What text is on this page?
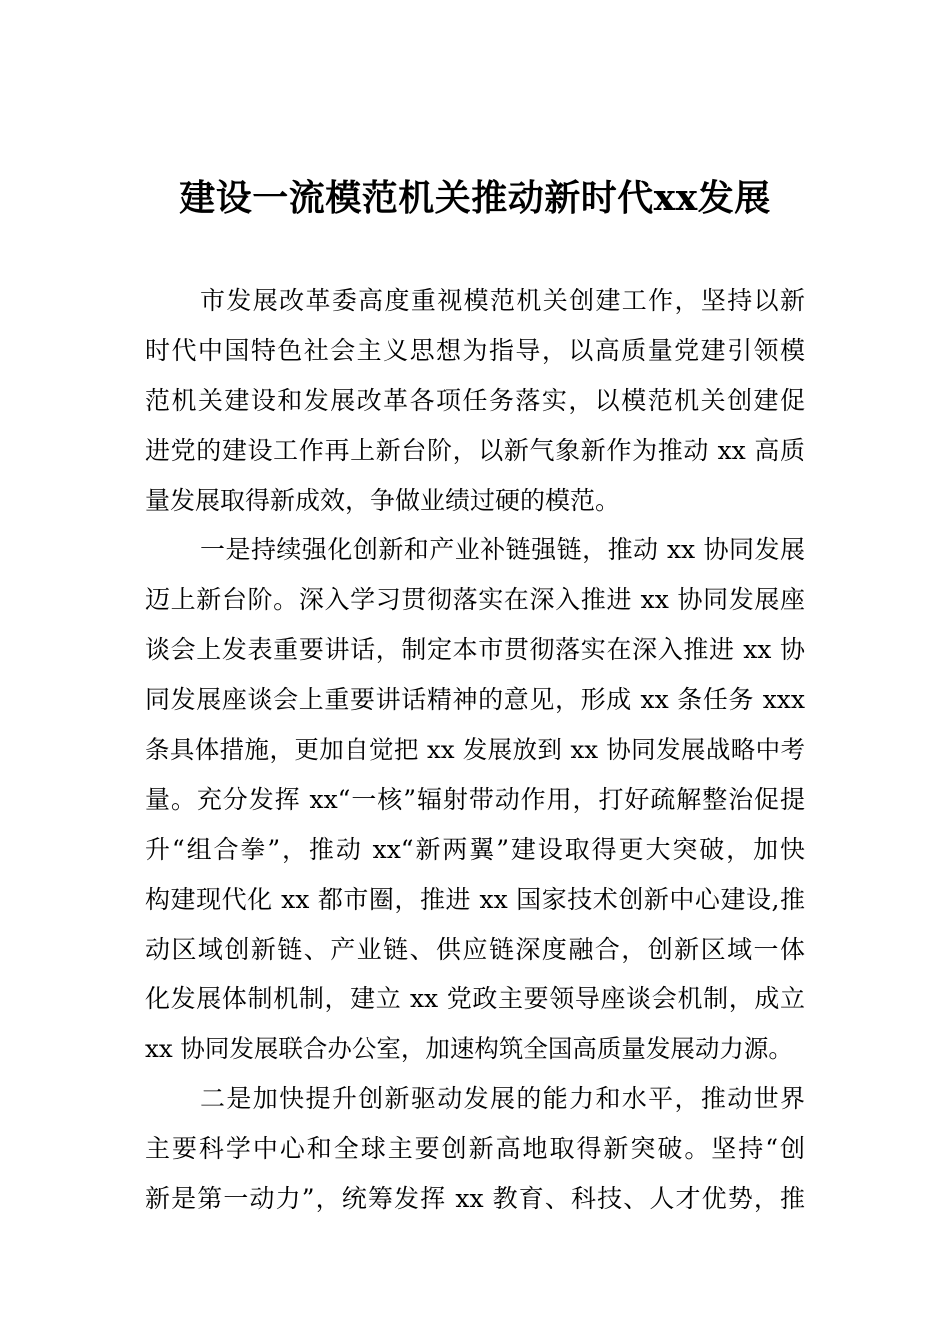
建设一流模范机关推动新时代xx发展
市发展改革委高度重视模范机关创建工作，坚持以新
时代中国特色社会主义思想为指导，以高质量党建引领模
范机关建设和发展改革各项任务落实，以模范机关创建促
进党的建设工作再上新台阶，以新气象新作为推动 xx 高质
量发展取得新成效，争做业绩过硬的模范。
一是持续强化创新和产业补链强链，推动 xx 协同发展
迈上新台阶。深入学习贯彻落实在深入推进 xx 协同发展座
谈会上发表重要讲话，制定本市贯彻落实在深入推进 xx 协
同发展座谈会上重要讲话精神的意见，形成 xx 条任务 xxx
条具体措施，更加自觉把 xx 发展放到 xx 协同发展战略中考
量。充分发挥 xx“一核”辐射带动作用，打好疏解整治促提
升“组合拳”，推动 xx“新两翼”建设取得更大突破，加快
构建现代化 xx 都市圈，推进 xx 国家技术创新中心建设,推
动区域创新链、产业链、供应链深度融合，创新区域一体
化发展体制机制，建立 xx 党政主要领导座谈会机制，成立
xx 协同发展联合办公室，加速构筑全国高质量发展动力源。
二是加快提升创新驱动发展的能力和水平，推动世界
主要科学中心和全球主要创新高地取得新突破。坚持“创
新是第一动力”，统筹发挥 xx 教育、科技、人才优势，推
